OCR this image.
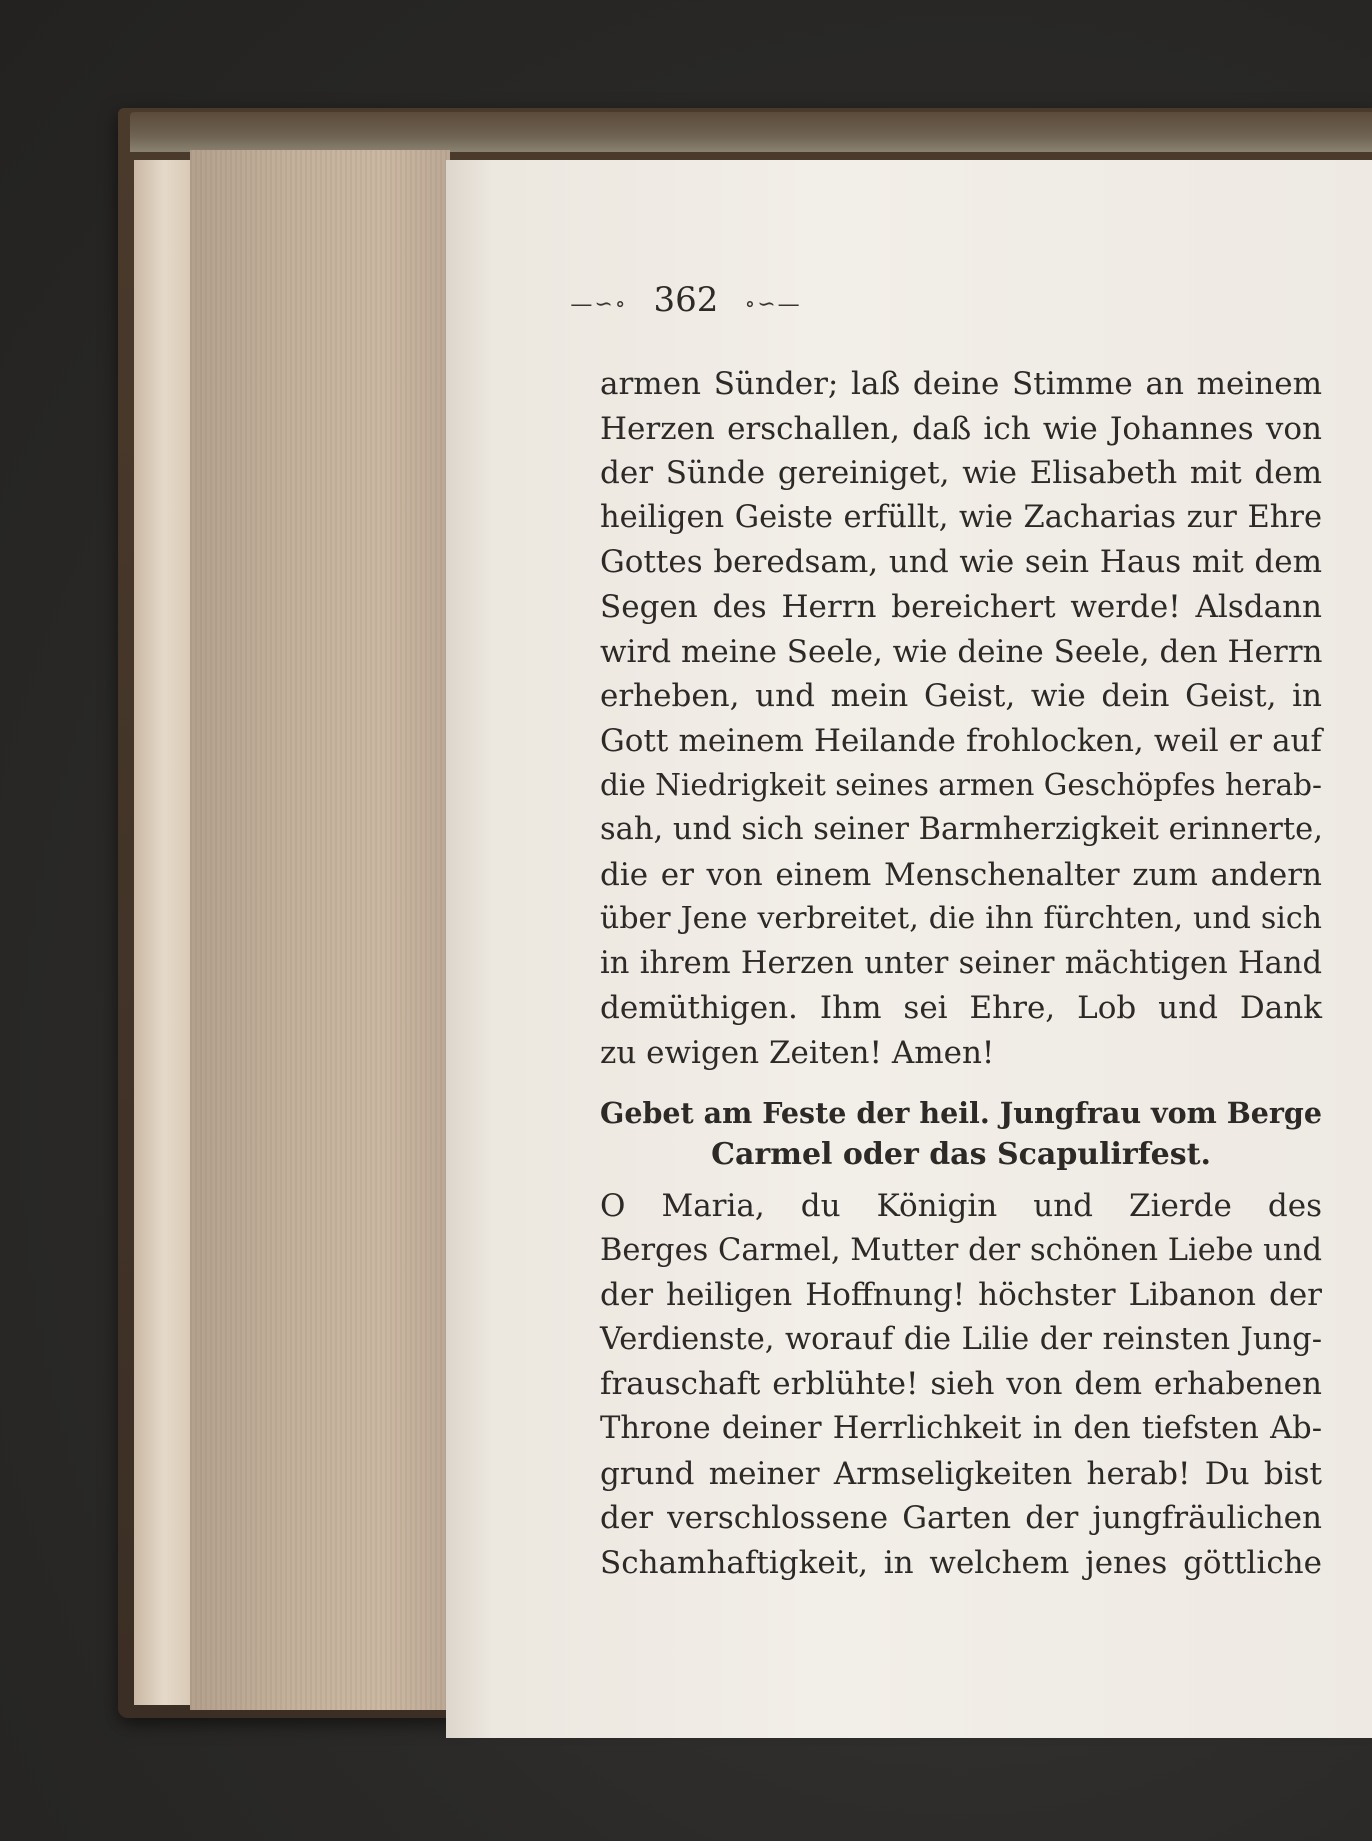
—∽∘ 362 ∘∽—
armen Sünder; laß deine Stimme an meinem
Herzen erschallen, daß ich wie Johannes von
der Sünde gereiniget, wie Elisabeth mit dem
heiligen Geiste erfüllt, wie Zacharias zur Ehre
Gottes beredsam, und wie sein Haus mit dem
Segen des Herrn bereichert werde! Alsdann
wird meine Seele, wie deine Seele, den Herrn
erheben, und mein Geist, wie dein Geist, in
Gott meinem Heilande frohlocken, weil er auf
die Niedrigkeit seines armen Geschöpfes herab-
sah, und sich seiner Barmherzigkeit erinnerte,
die er von einem Menschenalter zum andern
über Jene verbreitet, die ihn fürchten, und sich
in ihrem Herzen unter seiner mächtigen Hand
demüthigen. Ihm sei Ehre, Lob und Dank
zu ewigen Zeiten! Amen!
Gebet am Feste der heil. Jungfrau vom Berge
Carmel oder das Scapulirfest.
O Maria, du Königin und Zierde des
Berges Carmel, Mutter der schönen Liebe und
der heiligen Hoffnung! höchster Libanon der
Verdienste, worauf die Lilie der reinsten Jung-
frauschaft erblühte! sieh von dem erhabenen
Throne deiner Herrlichkeit in den tiefsten Ab-
grund meiner Armseligkeiten herab! Du bist
der verschlossene Garten der jungfräulichen
Schamhaftigkeit, in welchem jenes göttliche
